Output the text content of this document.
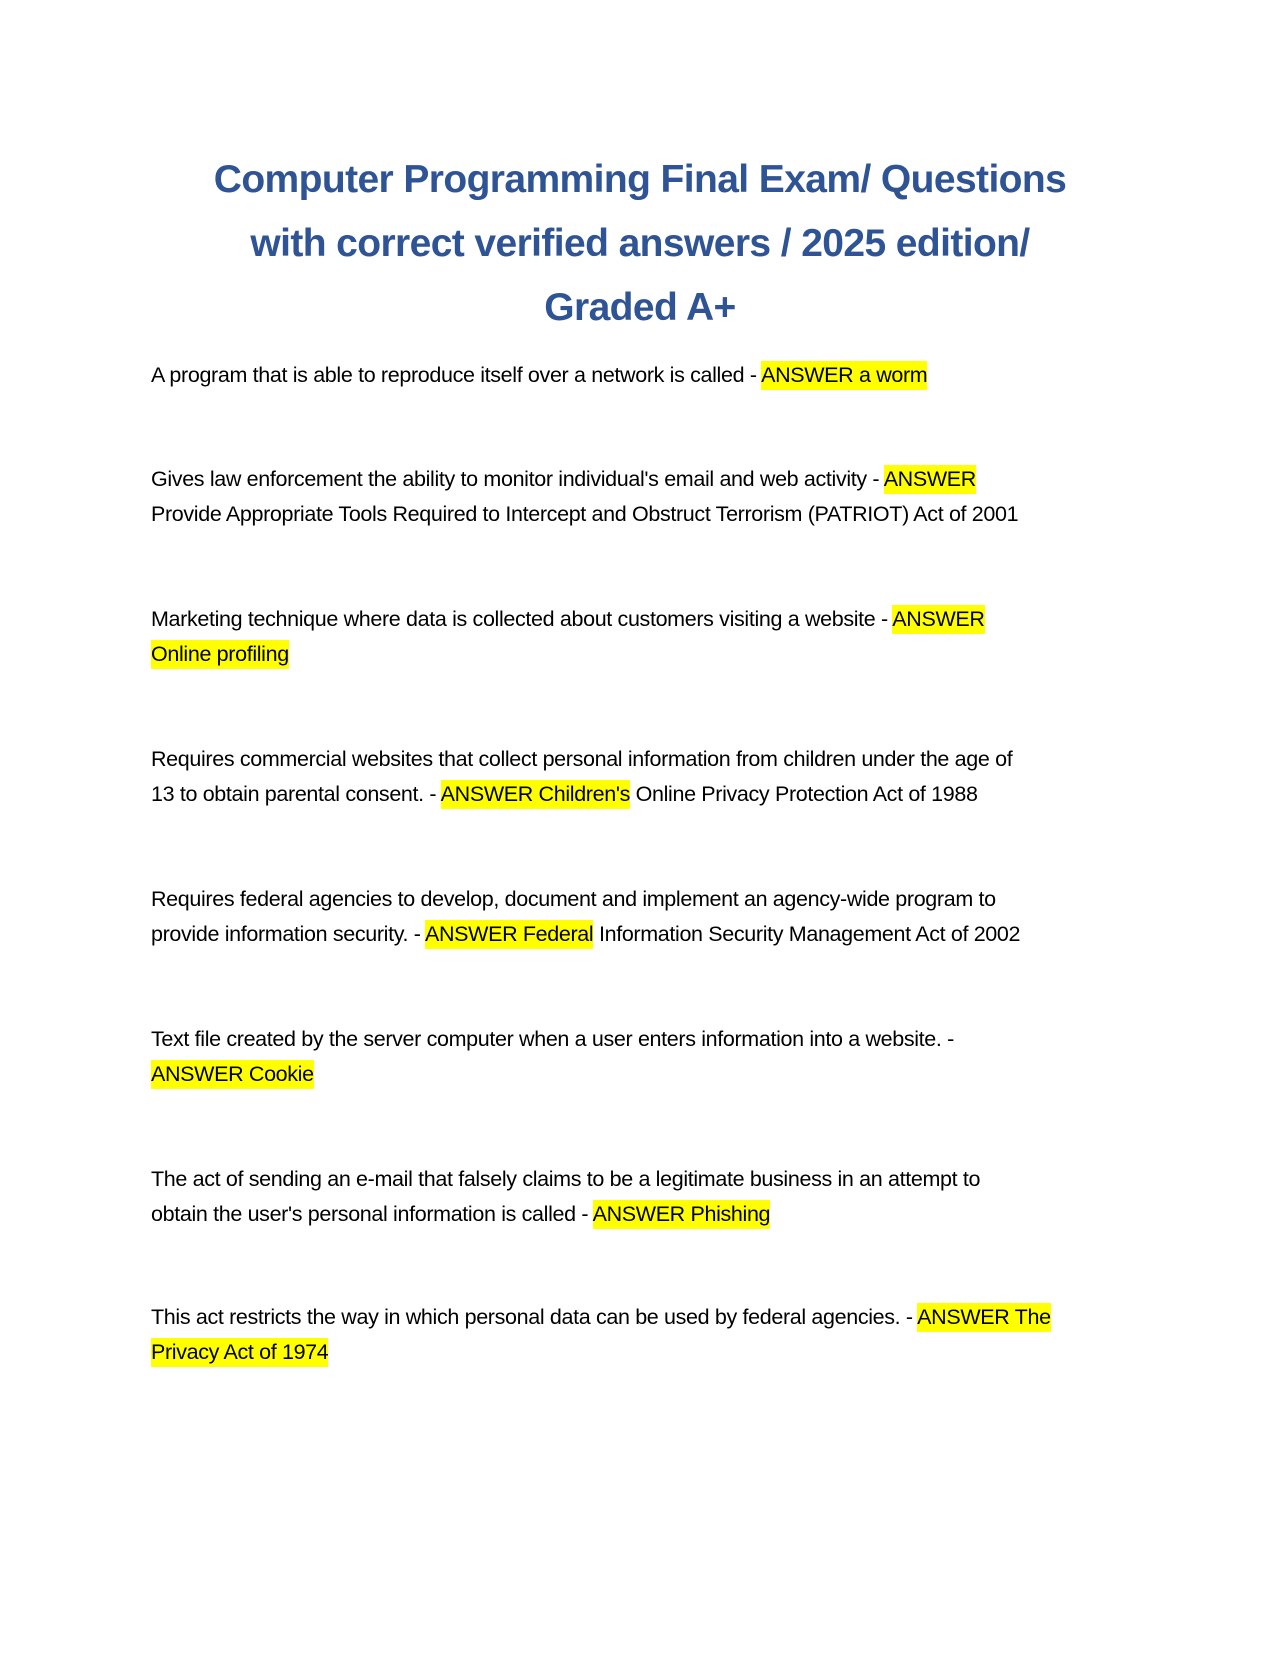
Computer Programming Final Exam/ Questions
with correct verified answers / 2025 edition/
Graded A+

A program that is able to reproduce itself over a network is called - ANSWER a worm

Gives law enforcement the ability to monitor individual's email and web activity - ANSWER
Provide Appropriate Tools Required to Intercept and Obstruct Terrorism (PATRIOT) Act of 2001

Marketing technique where data is collected about customers visiting a website - ANSWER
Online profiling

Requires commercial websites that collect personal information from children under the age of
13 to obtain parental consent. - ANSWER Children's Online Privacy Protection Act of 1988

Requires federal agencies to develop, document and implement an agency-wide program to
provide information security. - ANSWER Federal Information Security Management Act of 2002

Text file created by the server computer when a user enters information into a website. -
ANSWER Cookie

The act of sending an e-mail that falsely claims to be a legitimate business in an attempt to
obtain the user's personal information is called - ANSWER Phishing

This act restricts the way in which personal data can be used by federal agencies. - ANSWER The
Privacy Act of 1974
